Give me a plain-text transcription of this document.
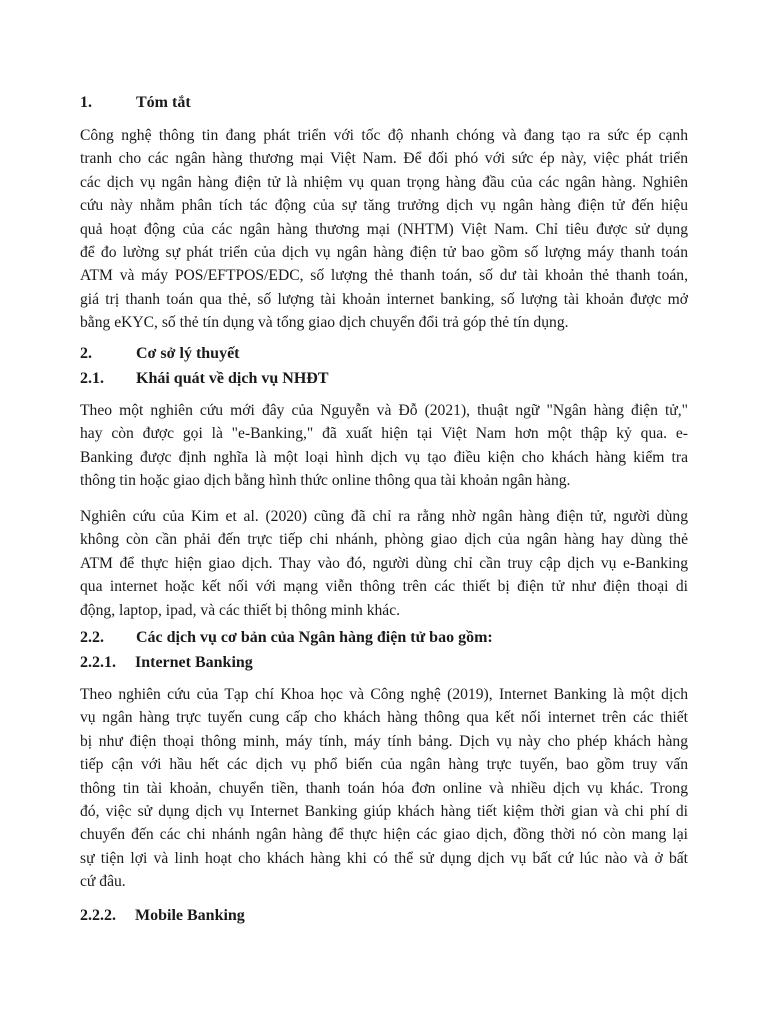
1.	Tóm tắt
Công nghệ thông tin đang phát triển với tốc độ nhanh chóng và đang tạo ra sức ép cạnh
tranh cho các ngân hàng thương mại Việt Nam. Để đối phó với sức ép này, việc phát triển
các dịch vụ ngân hàng điện tử là nhiệm vụ quan trọng hàng đầu của các ngân hàng. Nghiên
cứu này nhằm phân tích tác động của sự tăng trưởng dịch vụ ngân hàng điện tử đến hiệu
quả hoạt động của các ngân hàng thương mại (NHTM) Việt Nam. Chỉ tiêu được sử dụng
để đo lường sự phát triển của dịch vụ ngân hàng điện tử bao gồm số lượng máy thanh toán
ATM và máy POS/EFTPOS/EDC, số lượng thẻ thanh toán, số dư tài khoản thẻ thanh toán,
giá trị thanh toán qua thẻ, số lượng tài khoản internet banking, số lượng tài khoản được mở
bằng eKYC, số thẻ tín dụng và tổng giao dịch chuyển đổi trả góp thẻ tín dụng.
2.	Cơ sở lý thuyết
2.1. Khái quát về dịch vụ NHĐT
Theo một nghiên cứu mới đây của Nguyễn và Đỗ (2021), thuật ngữ "Ngân hàng điện tử,"
hay còn được gọi là "e-Banking," đã xuất hiện tại Việt Nam hơn một thập kỷ qua. e-
Banking được định nghĩa là một loại hình dịch vụ tạo điều kiện cho khách hàng kiểm tra
thông tin hoặc giao dịch bằng hình thức online thông qua tài khoản ngân hàng.
Nghiên cứu của Kim et al. (2020) cũng đã chỉ ra rằng nhờ ngân hàng điện tử, người dùng
không còn cần phải đến trực tiếp chi nhánh, phòng giao dịch của ngân hàng hay dùng thẻ
ATM để thực hiện giao dịch. Thay vào đó, người dùng chỉ cần truy cập dịch vụ e-Banking
qua internet hoặc kết nối với mạng viễn thông trên các thiết bị điện tử như điện thoại di
động, laptop, ipad, và các thiết bị thông minh khác.
2.2. Các dịch vụ cơ bản của Ngân hàng điện tử bao gồm:
2.2.1. Internet Banking
Theo nghiên cứu của Tạp chí Khoa học và Công nghệ (2019), Internet Banking là một dịch
vụ ngân hàng trực tuyến cung cấp cho khách hàng thông qua kết nối internet trên các thiết
bị như điện thoại thông minh, máy tính, máy tính bảng. Dịch vụ này cho phép khách hàng
tiếp cận với hầu hết các dịch vụ phổ biến của ngân hàng trực tuyến, bao gồm truy vấn
thông tin tài khoản, chuyển tiền, thanh toán hóa đơn online và nhiều dịch vụ khác. Trong
đó, việc sử dụng dịch vụ Internet Banking giúp khách hàng tiết kiệm thời gian và chi phí di
chuyển đến các chi nhánh ngân hàng để thực hiện các giao dịch, đồng thời nó còn mang lại
sự tiện lợi và linh hoạt cho khách hàng khi có thể sử dụng dịch vụ bất cứ lúc nào và ở bất
cứ đâu.
2.2.2. Mobile Banking
